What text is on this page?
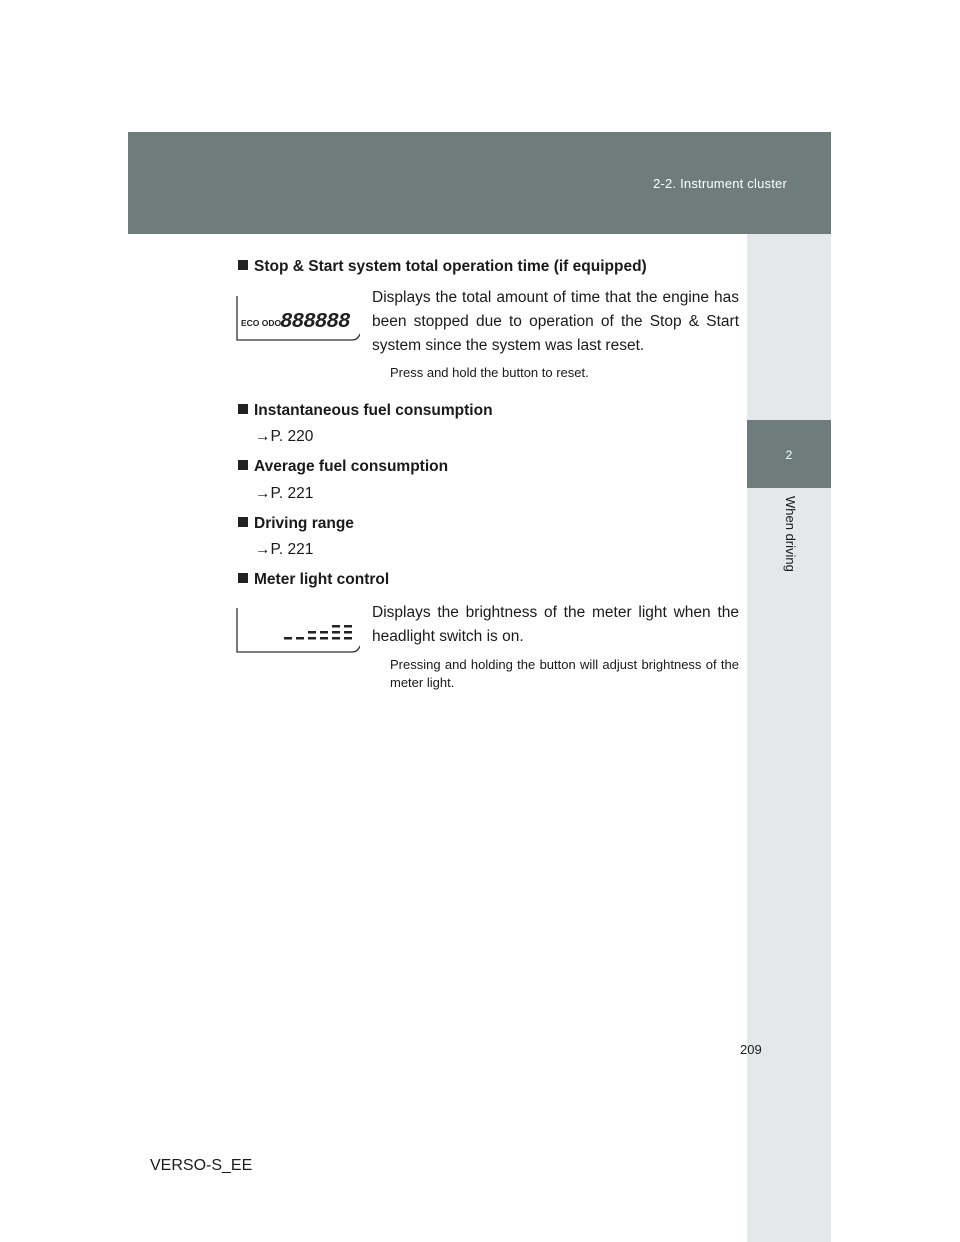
2-2. Instrument cluster
2
When driving
Stop & Start system total operation time (if equipped)
ECO ODO
888888
Displays the total amount of time that the engine has been stopped due to operation of the Stop & Start system since the system was last reset.
Press and hold the button to reset.
Instantaneous fuel consumption
→P. 220
Average fuel consumption
→P. 221
Driving range
→P. 221
Meter light control
Displays the brightness of the meter light when the headlight switch is on.
Pressing and holding the button will adjust brightness of the meter light.
209
VERSO-S_EE
